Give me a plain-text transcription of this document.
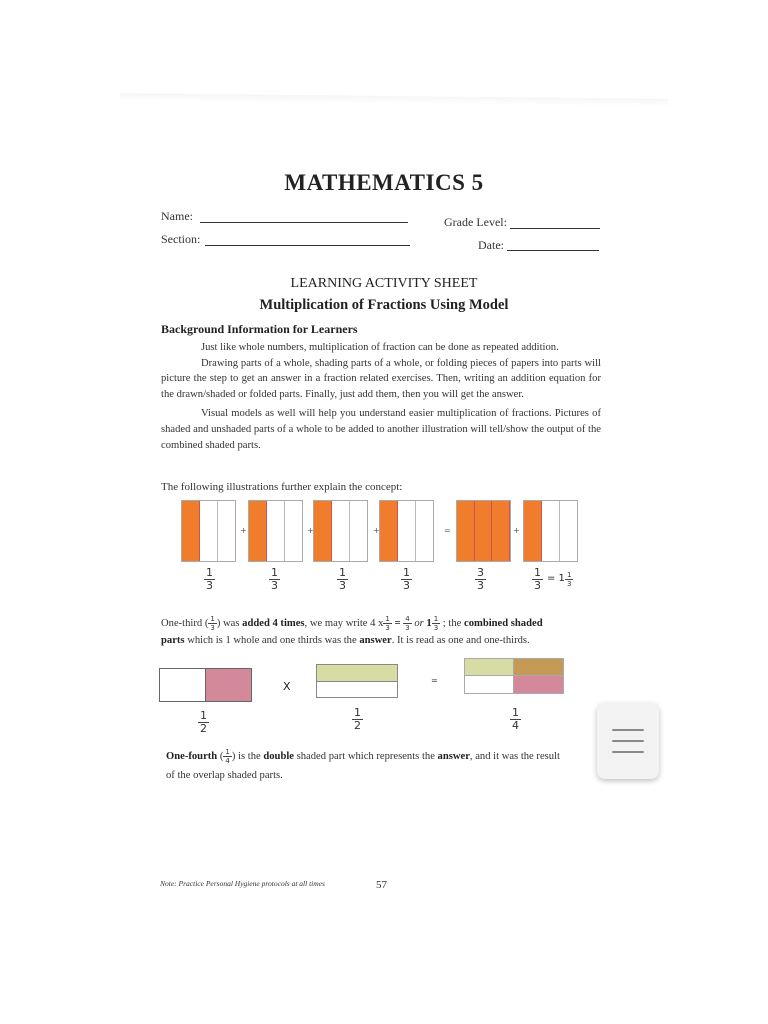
MATHEMATICS 5
Name:	Grade Level:
Section:	Date:
LEARNING ACTIVITY SHEET
Multiplication of Fractions Using Model
Background Information for Learners

Just like whole numbers, multiplication of fraction can be done as repeated addition.

Drawing parts of a whole, shading parts of a whole, or folding pieces of papers into parts will picture the step to get an answer in a fraction related exercises. Then, writing an addition equation for the drawn/shaded or folded parts. Finally, just add them, then you will get the answer.

Visual models as well will help you understand easier multiplication of fractions. Pictures of shaded and unshaded parts of a whole to be added to another illustration will tell/show the output of the combined shaded parts.

The following illustrations further explain the concept:
+	+	+	=	+
$\frac{1}{3}$	$\frac{1}{3}$	$\frac{1}{3}$	$\frac{1}{3}$	$\frac{3}{3}$	$\frac{1}{3} = 1 \frac{1}{3}$
One-third ( $\frac{1}{3}$ ) was added 4 times, we may write 4 x $\frac{1}{3} = \frac{4}{3}$ or $1 \frac{1}{3}$ ; the combined shaded
parts which is 1 whole and one thirds was the answer. It is read as one and one-thirds.
X	=
$\frac{1}{2}$	$\frac{1}{2}$	$\frac{1}{4}$
One-fourth ( $\frac{1}{4}$ ) is the double shaded part which represents the answer, and it was the result
of the overlap shaded parts.
Note: Practice Personal Hygiene protocols at all times	57
